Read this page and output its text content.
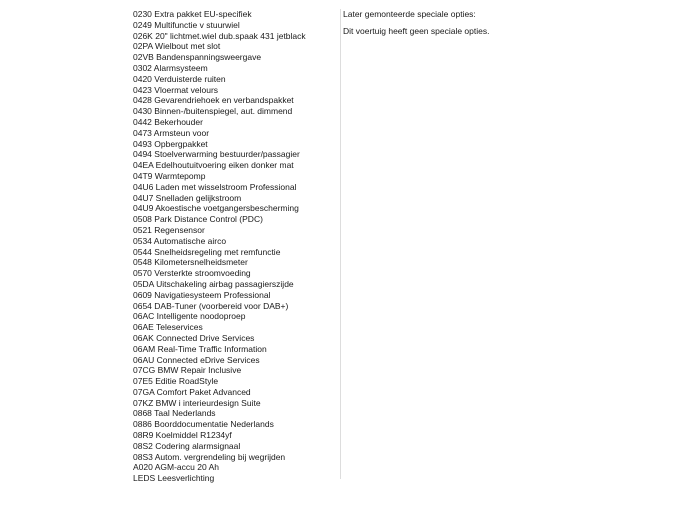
0230 Extra pakket EU-specifiek
0249 Multifunctie v stuurwiel
026K 20" lichtmet.wiel dub.spaak 431 jetblack
02PA Wielbout met slot
02VB Bandenspanningsweergave
0302 Alarmsysteem
0420 Verduisterde ruiten
0423 Vloermat velours
0428 Gevarendriehoek en verbandspakket
0430 Binnen-/buitenspiegel, aut. dimmend
0442 Bekerhouder
0473 Armsteun voor
0493 Opbergpakket
0494 Stoelverwarming bestuurder/passagier
04EA Edelhoutuitvoering eiken donker mat
04T9 Warmtepomp
04U6 Laden met wisselstroom Professional
04U7 Snelladen gelijkstroom
04U9 Akoestische voetgangersbescherming
0508 Park Distance Control (PDC)
0521 Regensensor
0534 Automatische airco
0544 Snelheidsregeling met remfunctie
0548 Kilometersnelheidsmeter
0570 Versterkte stroomvoeding
05DA Uitschakeling airbag passagierszijde
0609 Navigatiesysteem Professional
0654 DAB-Tuner (voorbereid voor DAB+)
06AC Intelligente noodoproep
06AE Teleservices
06AK Connected Drive Services
06AM Real-Time Traffic Information
06AU Connected eDrive Services
07CG BMW Repair Inclusive
07E5 Editie RoadStyle
07GA Comfort Paket Advanced
07KZ BMW i interieurdesign Suite
0868 Taal Nederlands
0886 Boorddocumentatie Nederlands
08R9 Koelmiddel R1234yf
08S2 Codering alarmsignaal
08S3 Autom. vergrendeling bij wegrijden
A020 AGM-accu 20 Ah
LEDS Leesverlichting

Later gemonteerde speciale opties:

Dit voertuig heeft geen speciale opties.
